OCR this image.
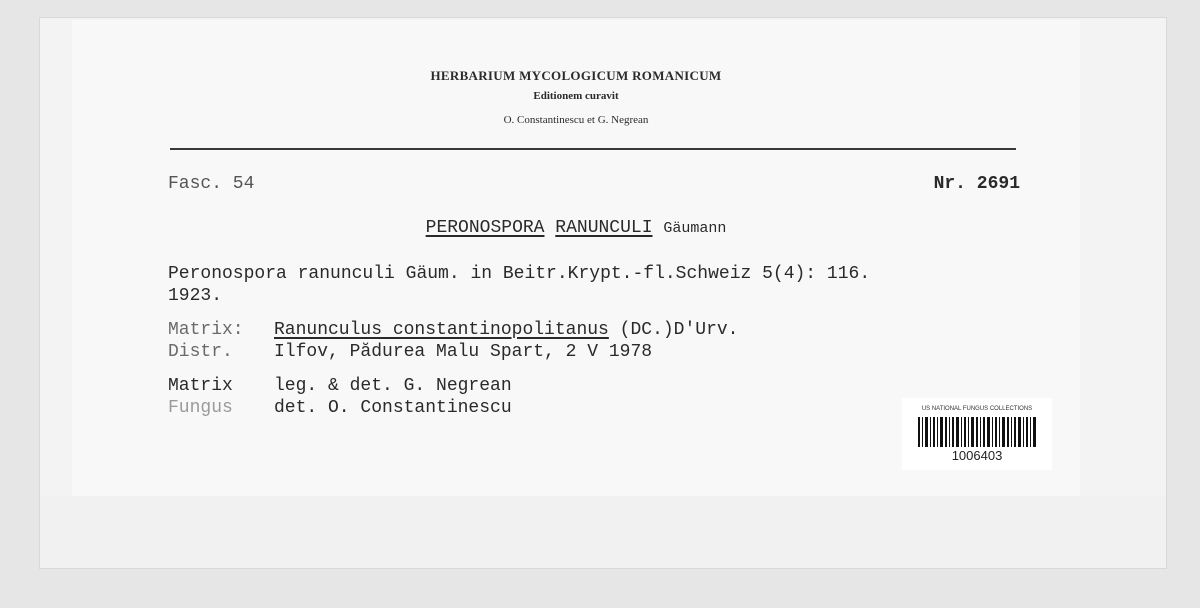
HERBARIUM MYCOLOGICUM ROMANICUM
Editionem curavit
O. Constantinescu et G. Negrean
Fasc. 54	Nr. 2691
PERONOSPORA RANUNCULI Gäumann
Peronospora ranunculi Gäum. in Beitr.Krypt.-fl.Schweiz 5(4): 116.
1923.
Matrix: Ranunculus constantinopolitanus (DC.)D'Urv.
Distr. Ilfov, Pădurea Malu Spart, 2 V 1978
Matrix leg. & det. G. Negrean
Fungus det. O. Constantinescu	US NATIONAL FUNGUS COLLECTIONS
1006403
